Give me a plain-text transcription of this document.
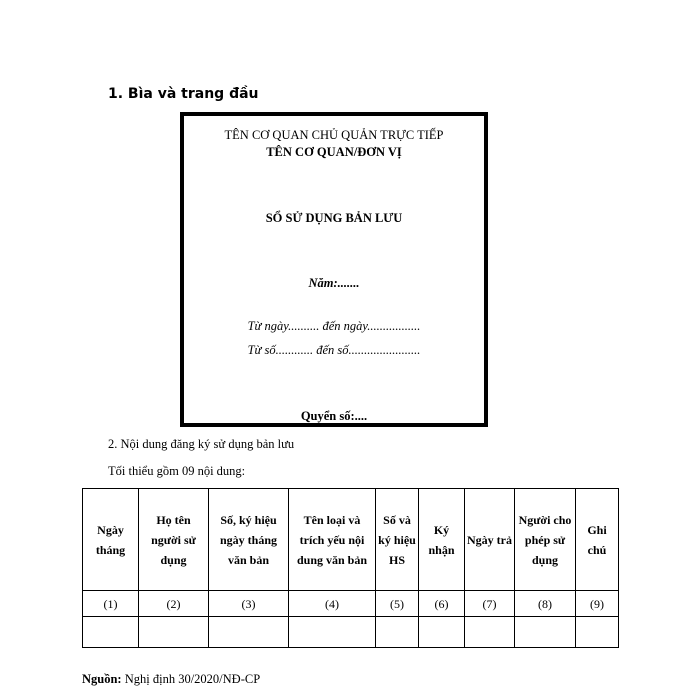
1. Bìa và trang đầu
TÊN CƠ QUAN CHỦ QUẢN TRỰC TIẾP
TÊN CƠ QUAN/ĐƠN VỊ
SỔ SỬ DỤNG BẢN LƯU
Năm:.......
Từ ngày.......... đến ngày.................
Từ số............ đến số.......................
Quyển số:....
2. Nội dung đăng ký sử dụng bản lưu
Tối thiểu gồm 09 nội dung:
Ngày tháng	Họ tên người sử dụng	Số, ký hiệu ngày tháng văn bản	Tên loại và trích yếu nội dung văn bản	Số và ký hiệu HS	Ký nhận	Ngày trả	Người cho phép sử dụng	Ghi chú
(1)	(2)	(3)	(4)	(5)	(6)	(7)	(8)	(9)

Nguồn: Nghị định 30/2020/NĐ-CP
